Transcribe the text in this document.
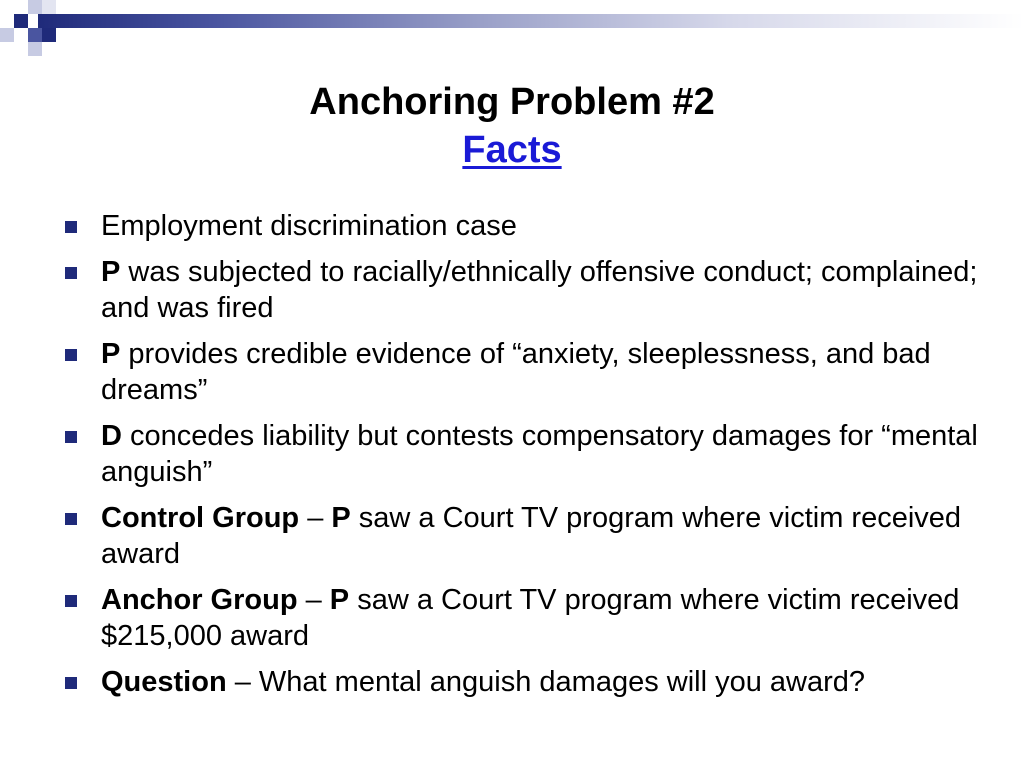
Anchoring Problem #2
Facts
Employment discrimination case
P was subjected to racially/ethnically offensive conduct; complained; and was fired
P provides credible evidence of “anxiety, sleeplessness, and bad dreams”
D concedes liability but contests compensatory damages for “mental anguish”
Control Group – P saw a Court TV program where victim received award
Anchor Group – P saw a Court TV program where victim received $215,000 award
Question – What mental anguish damages will you award?
